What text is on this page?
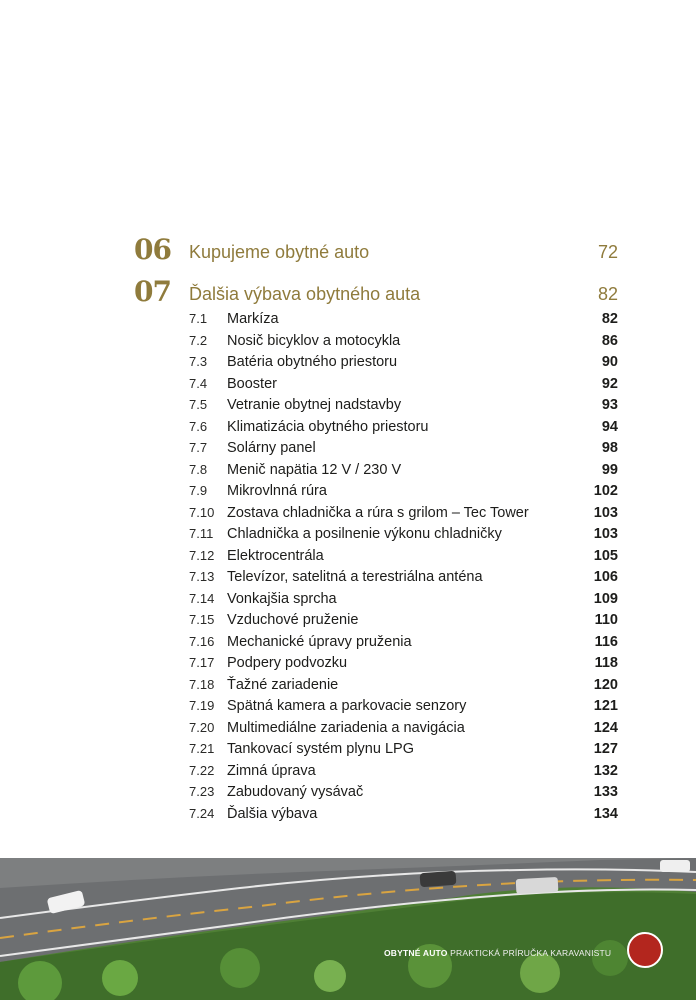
06 Kupujeme obytné auto	72
07 Ďalšia výbava obytného auta	82
7.1 Markíza	82
7.2 Nosič bicyklov a motocykla	86
7.3 Batéria obytného priestoru	90
7.4 Booster	92
7.5 Vetranie obytnej nadstavby	93
7.6 Klimatizácia obytného priestoru	94
7.7 Solárny panel	98
7.8 Menič napätia 12 V / 230 V	99
7.9 Mikrovlnná rúra	102
7.10 Zostava chladnička a rúra s grilom – Tec Tower	103
7.11 Chladnička a posilnenie výkonu chladničky	103
7.12 Elektrocentrála	105
7.13 Televízor, satelitná a terestriálna anténa	106
7.14 Vonkajšia sprcha	109
7.15 Vzduchové pruženie	110
7.16 Mechanické úpravy pruženia	116
7.17 Podpery podvozku	118
7.18 Ťažné zariadenie	120
7.19 Spätná kamera a parkovacie senzory	121
7.20 Multimediálne zariadenia a navigácia	124
7.21 Tankovací systém plynu LPG	127
7.22 Zimná úprava	132
7.23 Zabudovaný vysávač	133
7.24 Ďalšia výbava	134
OBYTNÉ AUTO PRAKTICKÁ PRÍRUČKA KARAVANISTU
